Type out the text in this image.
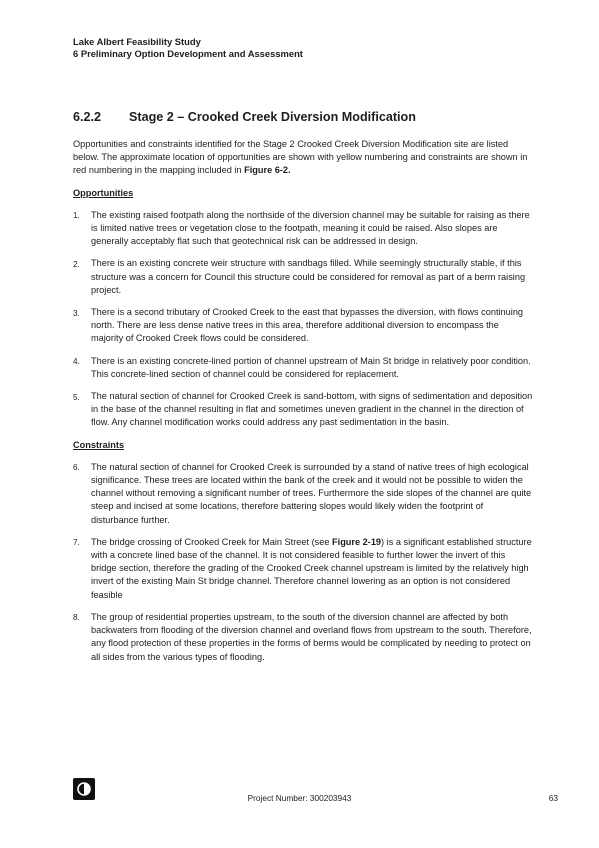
Lake Albert Feasibility Study
6 Preliminary Option Development and Assessment
6.2.2 Stage 2 – Crooked Creek Diversion Modification

Opportunities and constraints identified for the Stage 2 Crooked Creek Diversion Modification site are listed below. The approximate location of opportunities are shown with yellow numbering and constraints are shown in red numbering in the mapping included in Figure 6-2.

Opportunities
1. The existing raised footpath along the northside of the diversion channel may be suitable for raising as there is limited native trees or vegetation close to the footpath, meaning it could be raised. Also slopes are generally acceptably flat such that geotechnical risk can be addressed in design.
2. There is an existing concrete weir structure with sandbags filled. While seemingly structurally stable, if this structure was a concern for Council this structure could be considered for removal as part of a berm raising project.
3. There is a second tributary of Crooked Creek to the east that bypasses the diversion, with flows continuing north. There are less dense native trees in this area, therefore additional diversion to encompass the majority of Crooked Creek flows could be considered.
4. There is an existing concrete-lined portion of channel upstream of Main St bridge in relatively poor condition. This concrete-lined section of channel could be considered for replacement.
5. The natural section of channel for Crooked Creek is sand-bottom, with signs of sedimentation and deposition in the base of the channel resulting in flat and sometimes uneven gradient in the channel in the direction of flow. Any channel modification works could address any past sedimentation in the basin.
Constraints
6. The natural section of channel for Crooked Creek is surrounded by a stand of native trees of high ecological significance. These trees are located within the bank of the creek and it would not be possible to widen the channel without removing a significant number of trees. Furthermore the side slopes of the channel are quite steep and incised at some locations, therefore battering slopes would likely widen the footprint of disturbance further.
7. The bridge crossing of Crooked Creek for Main Street (see Figure 2-19) is a significant established structure with a concrete lined base of the channel. It is not considered feasible to further lower the invert of this bridge section, therefore the grading of the Crooked Creek channel upstream is limited by the relatively high invert of the existing Main St bridge channel. Therefore channel lowering as an option is not considered feasible
8. The group of residential properties upstream, to the south of the diversion channel are affected by both backwaters from flooding of the diversion channel and overland flows from upstream to the south. Therefore, any flood protection of these properties in the forms of berms would be complicated by needing to protect on all sides from the various types of flooding.
Project Number: 300203943	63
